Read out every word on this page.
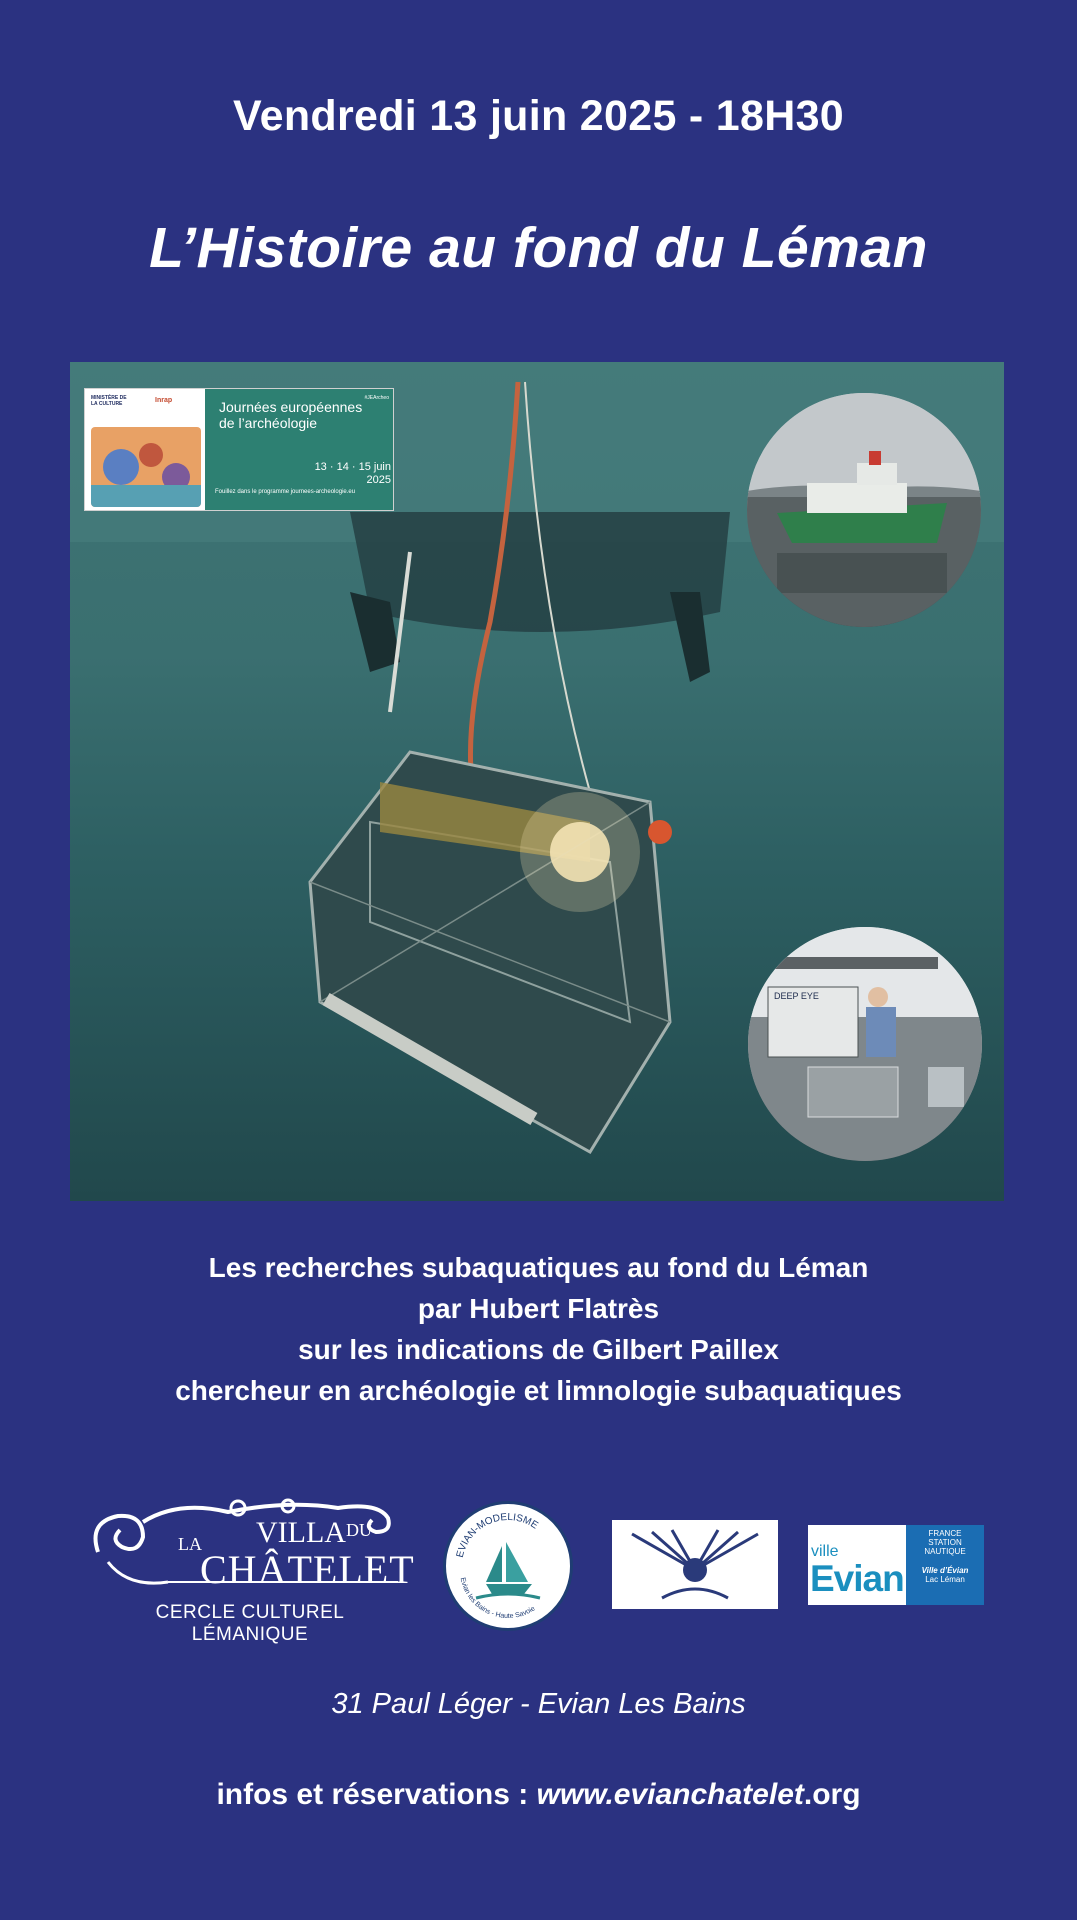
Vendredi 13 juin 2025 - 18H30
L’Histoire au fond du Léman
MINISTÈRE DE LA CULTURE	Inrap	#JEArcheo
Journées européennes de l’archéologie
13 · 14 · 15 juin 2025
Fouillez dans le programme journees-archeologie.eu
DEEP EYE
Les recherches subaquatiques au fond du Léman
par Hubert Flatrès
sur les indications de Gilbert Paillex
chercheur en archéologie et limnologie subaquatiques
LA VILLA DU
CHÂTELET
CERCLE CULTUREL LÉMANIQUE
EVIAN-MODELISME
Evian les Bains - Haute Savoie
ville
Evian
FRANCE
STATION
NAUTIQUE
Ville d’Évian
Lac Léman
31 Paul Léger - Evian Les Bains
infos et réservations : www.evianchatelet.org
